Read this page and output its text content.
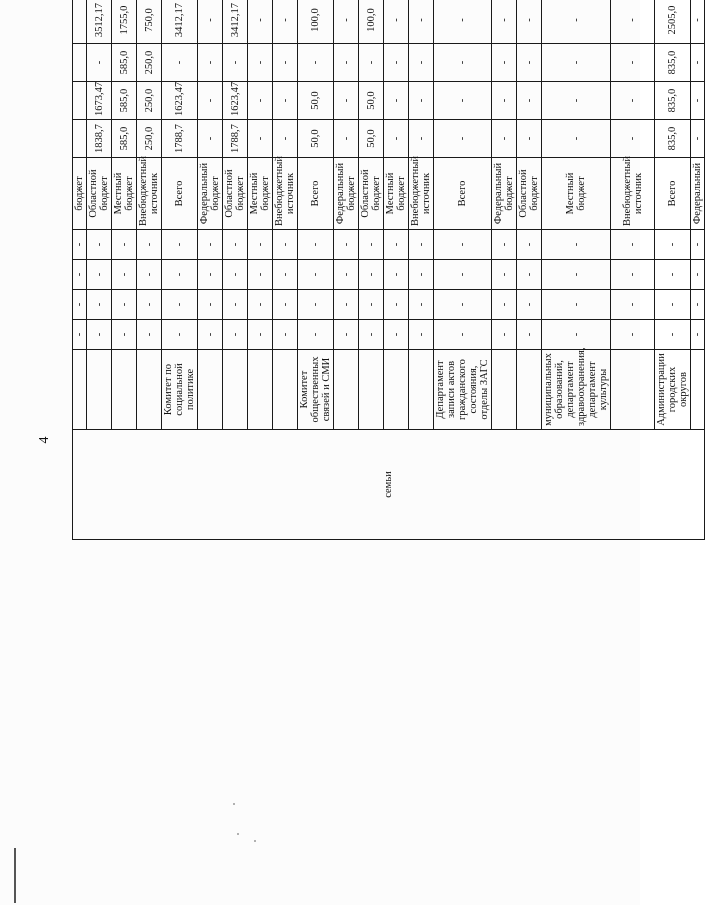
4
семьи		-	-	-	-	бюджет				
		-	-	-	-	Областной бюджет	1838,7	1673,47	-	3512,17
		-	-	-	-	Местный бюджет	585,0	585,0	585,0	1755,0
		-	-	-	-	Внебюджетный источник	250,0	250,0	250,0	750,0
	Комитет по социальной политике	-	-	-	-	Всего	1788,7	1623,47	-	3412,17
		-	-	-	-	Федеральный бюджет	-	-	-	-
		-	-	-	-	Областной бюджет	1788,7	1623,47	-	3412,17
		-	-	-	-	Местный бюджет	-	-	-	-
		-	-	-	-	Внебюджетный источник	-	-	-	-
	Комитет общественных связей и СМИ	-	-	-	-	Всего	50,0	50,0	-	100,0
		-	-	-	-	Федеральный бюджет	-	-	-	-
		-	-	-	-	Областной бюджет	50,0	50,0	-	100,0
		-	-	-	-	Местный бюджет	-	-	-	-
		-	-	-	-	Внебюджетный источник	-	-	-	-
	Департамент записи актов гражданского состояния, отделы ЗАГС	-	-	-	-	Всего	-	-	-	-
		-	-	-	-	Федеральный бюджет	-	-	-	-
		-	-	-	-	Областной бюджет	-	-	-	-
	муниципальных образований, департамент здравоохранения, департамент культуры	-	-	-	-	Местный бюджет	-	-	-	-
		-	-	-	-	Внебюджетный источник	-	-	-	-
	Администрации городских округов	-	-	-	-	Всего	835,0	835,0	835,0	2505,0
		-	-	-	-	Федеральный	-	-	-	-
